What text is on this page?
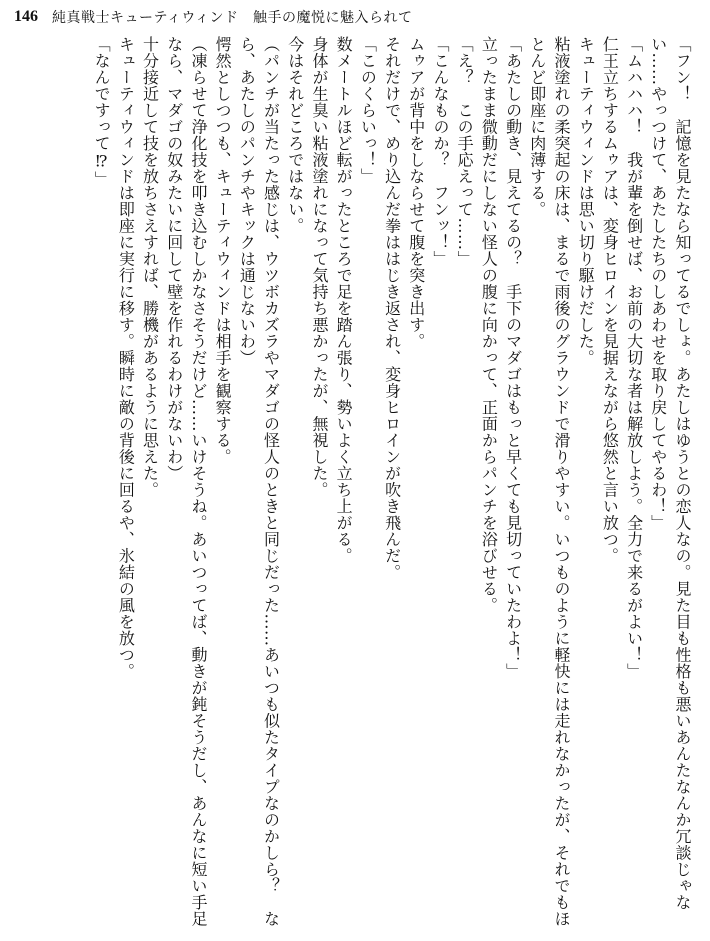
146 純真戦士キューティウィンド　触手の魔悦に魅入られて

「フン！　記憶を見たなら知ってるでしょ。あたしはゆうとの恋人なの。見た目も性格も悪いあんたなんか冗談じゃない……やっつけて、あたしたちのしあわせを取り戻してやるわ！」

「ムハハハ！　我が輩を倒せば、お前の大切な者は解放しよう。全力で来るがよい！」

仁王立ちするムゥアは、変身ヒロインを見据えながら悠然と言い放つ。

キューティウィンドは思い切り駆けだした。

粘液塗れの柔突起の床は、まるで雨後のグラウンドで滑りやすい。いつものように軽快には走れなかったが、それでもほとんど即座に肉薄する。

「あたしの動き、見えてるの？　手下のマダゴはもっと早くても見切っていたわよ！」

立ったまま微動だにしない怪人の腹に向かって、正面からパンチを浴びせる。

「え？　この手応えって……」

「こんなものか？　フンッ！」

ムゥアが背中をしならせて腹を突き出す。

それだけで、めり込んだ拳ははじき返され、変身ヒロインが吹き飛んだ。

「このくらいっ！」

数メートルほど転がったところで足を踏ん張り、勢いよく立ち上がる。

身体が生臭い粘液塗れになって気持ち悪かったが、無視した。

今はそれどころではない。

（パンチが当たった感じは、ウツボカズラやマダゴの怪人のときと同じだった……あいつも似たタイプなのかしら？　なら、あたしのパンチやキックは通じないわ）

愕然としつつも、キューティウィンドは相手を観察する。

（凍らせて浄化技を叩き込むしかなさそうだけど……いけそうね。あいつってば、動きが鈍そうだし、あんなに短い手足なら、マダゴの奴みたいに回して壁を作れるわけがないわ）

十分接近して技を放ちさえすれば、勝機があるように思えた。

キューティウィンドは即座に実行に移す。瞬時に敵の背後に回るや、氷結の風を放つ。

「なんですって⁉」
